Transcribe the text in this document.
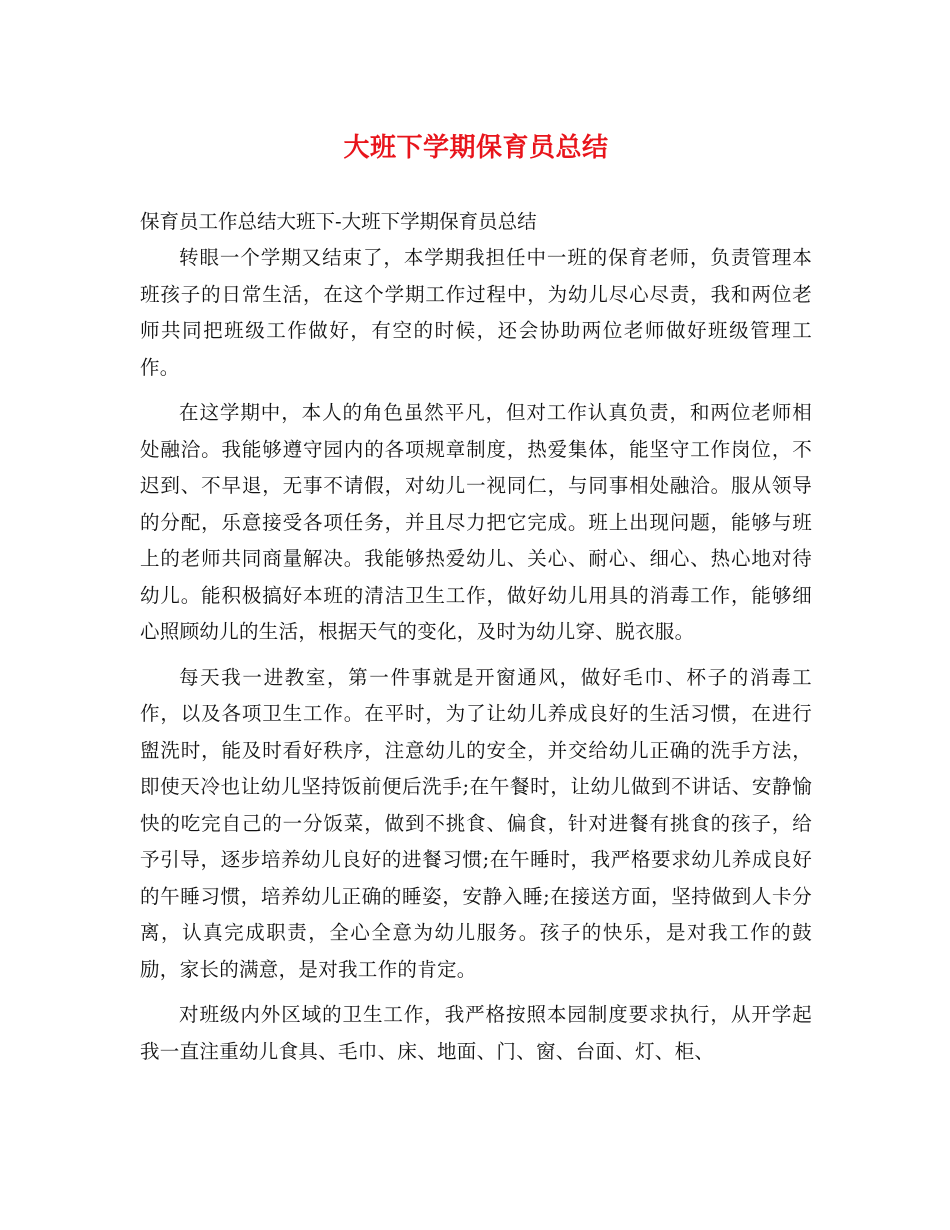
大班下学期保育员总结

保育员工作总结大班下-大班下学期保育员总结

转眼一个学期又结束了，本学期我担任中一班的保育老师，负责管理本班孩子的日常生活，在这个学期工作过程中，为幼儿尽心尽责，我和两位老师共同把班级工作做好，有空的时候，还会协助两位老师做好班级管理工作。

在这学期中，本人的角色虽然平凡，但对工作认真负责，和两位老师相处融洽。我能够遵守园内的各项规章制度，热爱集体，能坚守工作岗位，不迟到、不早退，无事不请假，对幼儿一视同仁，与同事相处融洽。服从领导的分配，乐意接受各项任务，并且尽力把它完成。班上出现问题，能够与班上的老师共同商量解决。我能够热爱幼儿、关心、耐心、细心、热心地对待幼儿。能积极搞好本班的清洁卫生工作，做好幼儿用具的消毒工作，能够细心照顾幼儿的生活，根据天气的变化，及时为幼儿穿、脱衣服。

每天我一进教室，第一件事就是开窗通风，做好毛巾、杯子的消毒工作，以及各项卫生工作。在平时，为了让幼儿养成良好的生活习惯，在进行盥洗时，能及时看好秩序，注意幼儿的安全，并交给幼儿正确的洗手方法，即使天冷也让幼儿坚持饭前便后洗手;在午餐时，让幼儿做到不讲话、安静愉快的吃完自己的一分饭菜，做到不挑食、偏食，针对进餐有挑食的孩子，给予引导，逐步培养幼儿良好的进餐习惯;在午睡时，我严格要求幼儿养成良好的午睡习惯，培养幼儿正确的睡姿，安静入睡;在接送方面，坚持做到人卡分离，认真完成职责，全心全意为幼儿服务。孩子的快乐，是对我工作的鼓励，家长的满意，是对我工作的肯定。

对班级内外区域的卫生工作，我严格按照本园制度要求执行，从开学起我一直注重幼儿食具、毛巾、床、地面、门、窗、台面、灯、柜、
